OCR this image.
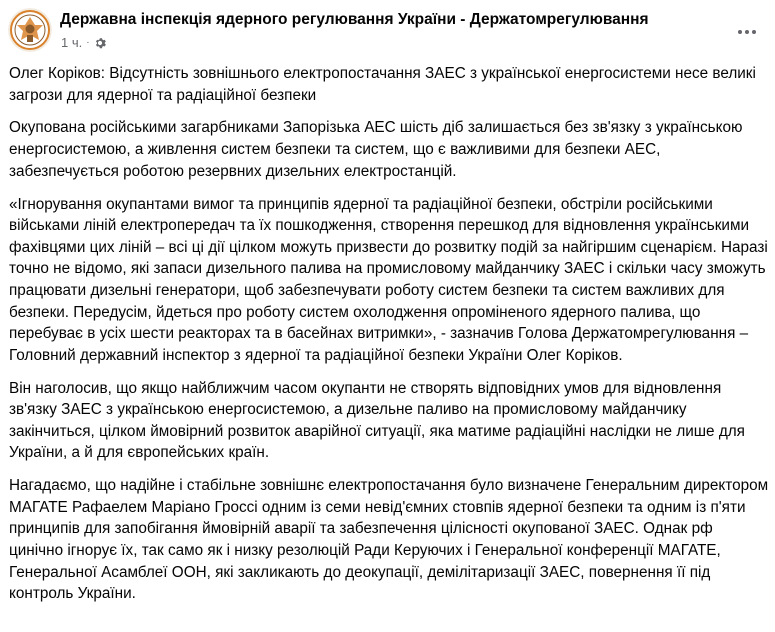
Державна інспекція ядерного регулювання України - Держатомрегулювання
1 ч. ·

Олег Коріков: Відсутність зовнішнього електропостачання ЗАЕС з української енергосистеми несе великі загрози для ядерної та радіаційної безпеки

Окупована російськими загарбниками Запорізька АЕС шість діб залишається без зв'язку з українською енергосистемою, а живлення систем безпеки та систем, що є важливими для безпеки АЕС, забезпечується роботою резервних дизельних електростанцій.

«Ігнорування окупантами вимог та принципів ядерної та радіаційної безпеки, обстріли російськими військами ліній електропередач та їх пошкодження, створення перешкод для відновлення українськими фахівцями цих ліній – всі ці дії цілком можуть призвести до розвитку подій за найгіршим сценарієм. Наразі точно не відомо, які запаси дизельного палива на промисловому майданчику ЗАЕС і скільки часу зможуть працювати дизельні генератори, щоб забезпечувати роботу систем безпеки та систем важливих для безпеки. Передусім, йдеться про роботу систем охолодження опроміненого ядерного палива, що перебуває в усіх шести реакторах та в басейнах витримки», - зазначив Голова Держатомрегулювання – Головний державний інспектор з ядерної та радіаційної безпеки України Олег Коріков.

Він наголосив, що якщо найближчим часом окупанти не створять відповідних умов для відновлення зв'язку ЗАЕС з українською енергосистемою, а дизельне паливо на промисловому майданчику закінчиться, цілком ймовірний розвиток аварійної ситуації, яка матиме радіаційні наслідки не лише для України, а й для європейських країн.

Нагадаємо, що надійне і стабільне зовнішнє електропостачання було визначене Генеральним директором МАГАТЕ Рафаелем Маріано Гроссі одним із семи невід'ємних стовпів ядерної безпеки та одним із п'яти принципів для запобігання ймовірній аварії та забезпечення цілісності окупованої ЗАЕС. Однак рф цинічно ігнорує їх, так само як і низку резолюцій Ради Керуючих і Генеральної конференції МАГАТЕ, Генеральної Асамблеї ООН, які закликають до деокупації, демілітаризації ЗАЕС, повернення її під контроль України.
